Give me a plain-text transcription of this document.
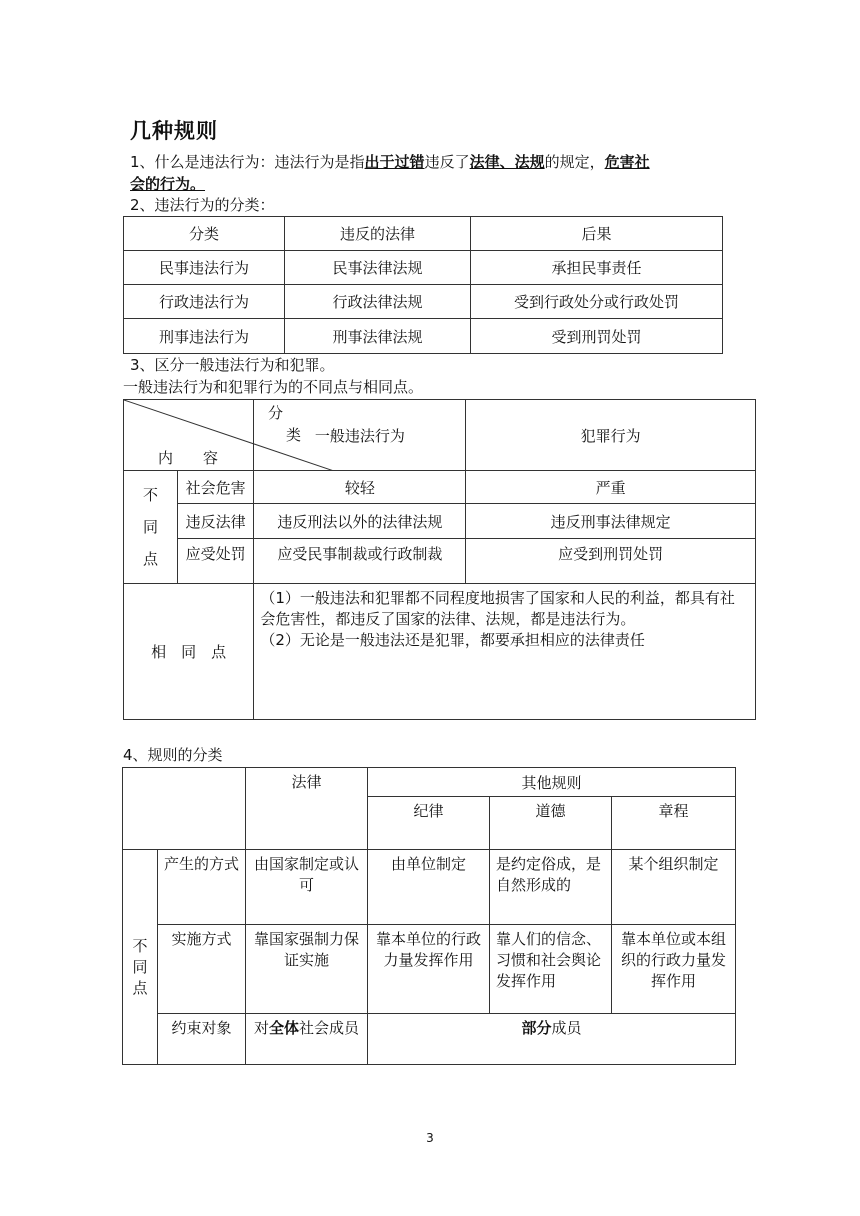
几种规则
1、什么是违法行为：违法行为是指出于过错违反了法律、法规的规定，危害社
会的行为。
2、违法行为的分类：
分类	违反的法律	后果
民事违法行为	民事法律法规	承担民事责任
行政违法行为	行政法律法规	受到行政处分或行政处罚
刑事违法行为	刑事法律法规	受到刑罚处罚
3、区分一般违法行为和犯罪。
一般违法行为和犯罪行为的不同点与相同点。
分
类
内　　容		一般违法行为	犯罪行为

不同点	社会危害	较轻	严重
	违反法律	违反刑法以外的法律法规	违反刑事法律规定

	应受处罚	应受民事制裁或行政制裁	应受到刑罚处罚

相　同　点		（1）一般违法和犯罪都不同程度地损害了国家和人民的利益，都具有社会危害性，都违反了国家的法律、法规，都是违法行为。
（2）无论是一般违法还是犯罪，都要承担相应的法律责任	
4、规则的分类

		法律	其他规则		

			纪律	道德	章程

不同点	产生的方式	由国家制定或认可	由单位制定	是约定俗成，是自然形成的	某个组织制定
	实施方式	靠国家强制力保证实施	靠本单位的行政力量发挥作用	靠人们的信念、习惯和社会舆论发挥作用	靠本单位或本组织的行政力量发挥作用
	约束对象	对全体社会成员	部分成员		
3
